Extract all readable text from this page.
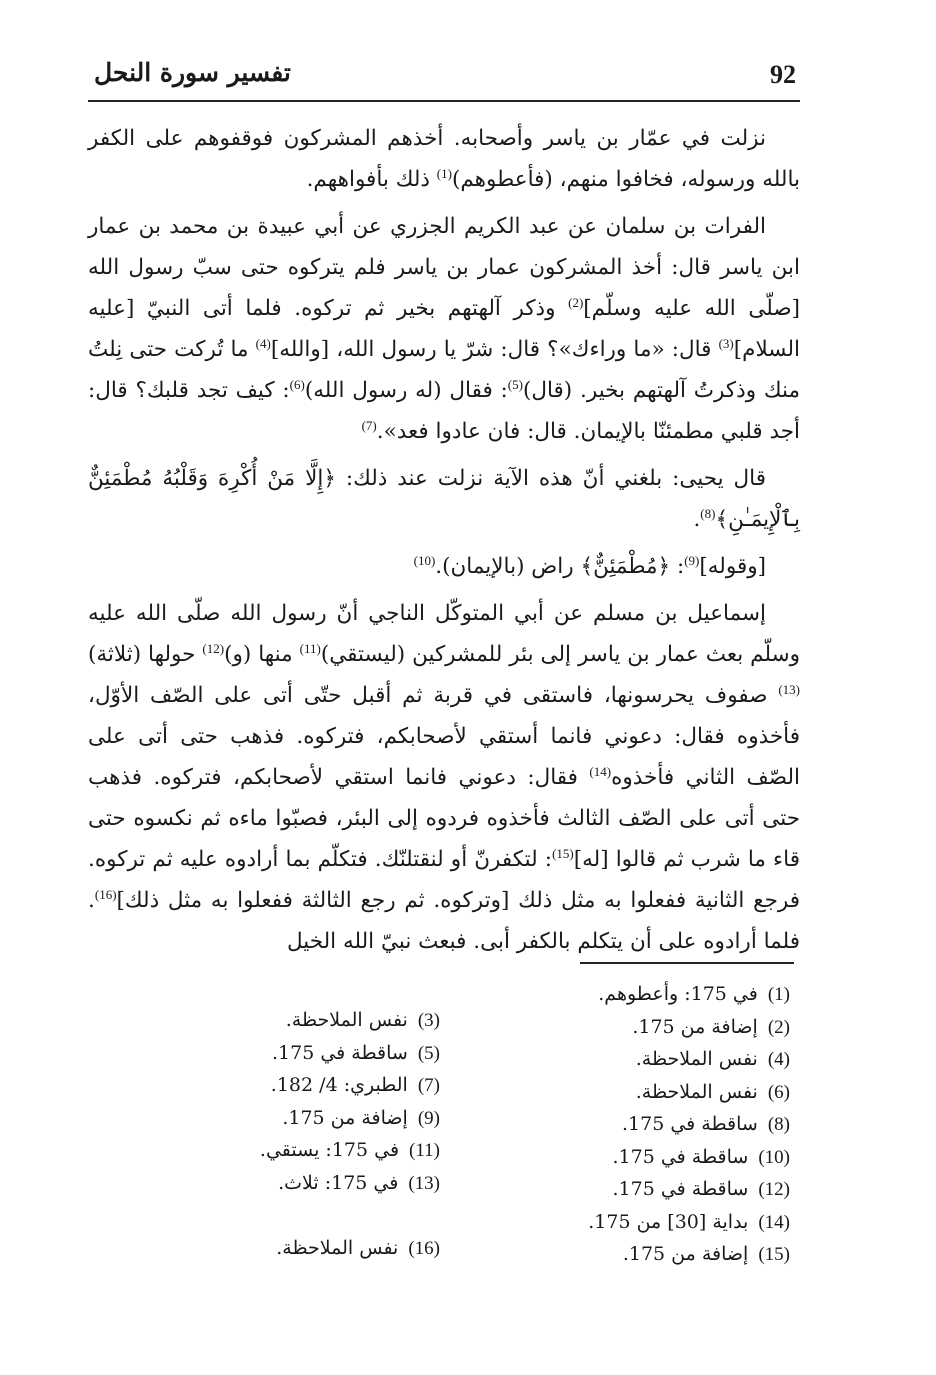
92
تفسير سورة النحل

نزلت في عمّار بن ياسر وأصحابه. أخذهم المشركون فوقفوهم على الكفر بالله ورسوله، فخافوا منهم، (فأعطوهم)$^{(1)}$ ذلك بأفواههم.

الفرات بن سلمان عن عبد الكريم الجزري عن أبي عبيدة بن محمد بن عمار ابن ياسر قال: أخذ المشركون عمار بن ياسر فلم يتركوه حتى سبّ رسول الله [صلّى الله عليه وسلّم]$^{(2)}$ وذكر آلهتهم بخير ثم تركوه. فلما أتى النبيّ [عليه السلام]$^{(3)}$ قال: «ما وراءك»؟ قال: شرّ يا رسول الله، [والله]$^{(4)}$ ما تُركت حتى نِلتُ منك وذكرتُ آلهتهم بخير. (قال)$^{(5)}$: فقال (له رسول الله)$^{(6)}$: كيف تجد قلبك؟ قال: أجد قلبي مطمئنّا بالإيمان. قال: فان عادوا فعد».$^{(7)}$

قال يحيى: بلغني أنّ هذه الآية نزلت عند ذلك: ﴿إِلَّا مَنْ أُكْرِهَ وَقَلْبُهُ مُطْمَئِنٌّ بِٱلْإِيمَـٰنِ﴾$^{(8)}$.

[وقوله]$^{(9)}$: ﴿مُطْمَئِنٌّ﴾ راض (بالإيمان).$^{(10)}$

إسماعيل بن مسلم عن أبي المتوكّل الناجي أنّ رسول الله صلّى الله عليه وسلّم بعث عمار بن ياسر إلى بئر للمشركين (ليستقي)$^{(11)}$ منها (و)$^{(12)}$ حولها (ثلاثة)$^{(13)}$ صفوف يحرسونها، فاستقى في قربة ثم أقبل حتّى أتى على الصّف الأوّل، فأخذوه فقال: دعوني فانما أستقي لأصحابكم، فتركوه. فذهب حتى أتى على الصّف الثاني فأخذوه$^{(14)}$ فقال: دعوني فانما استقي لأصحابكم، فتركوه. فذهب حتى أتى على الصّف الثالث فأخذوه فردوه إلى البئر، فصبّوا ماءه ثم نكسوه حتى قاء ما شرب ثم قالوا [له]$^{(15)}$: لتكفرنّ أو لنقتلنّك. فتكلّم بما أرادوه عليه ثم تركوه. فرجع الثانية ففعلوا به مثل ذلك [وتركوه. ثم رجع الثالثة ففعلوا به مثل ذلك]$^{(16)}$. فلما أرادوه على أن يتكلم بالكفر أبى. فبعث نبيّ الله الخيل

(1)في 175: وأعطوهم.
(2)إضافة من 175.
(4)نفس الملاحظة.
(6)نفس الملاحظة.
(8)ساقطة في 175.
(10)ساقطة في 175.
(12)ساقطة في 175.
(14)بداية [30] من 175.
(15)إضافة من 175.
(3)نفس الملاحظة.
(5)ساقطة في 175.
(7)الطبري: 4/ 182.
(9)إضافة من 175.
(11)في 175: يستقي.
(13)في 175: ثلاث.
(16)نفس الملاحظة.
